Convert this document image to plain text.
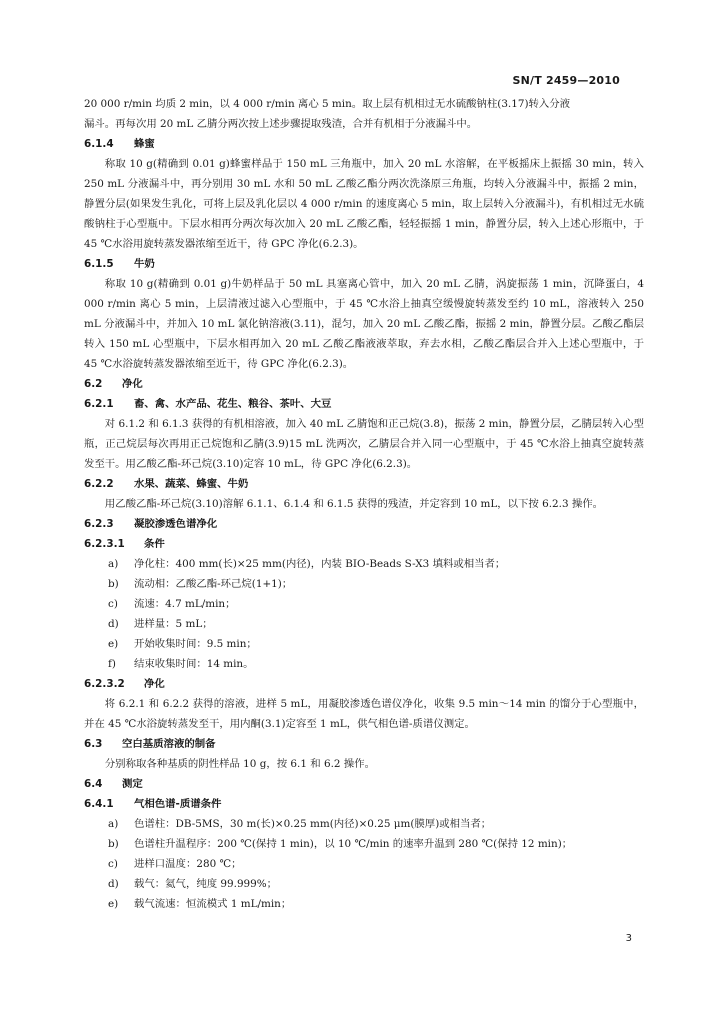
SN/T 2459—2010
20 000 r/min 均质 2 min，以 4 000 r/min 离心 5 min。取上层有机相过无水硫酸钠柱(3.17)转入分液
漏斗。再每次用 20 mL 乙腈分两次按上述步骤提取残渣，合并有机相于分液漏斗中。
6.1.4 蜂蜜

称取 10 g(精确到 0.01 g)蜂蜜样品于 150 mL 三角瓶中，加入 20 mL 水溶解，在平板摇床上振摇 30 min，转入 250 mL 分液漏斗中，再分别用 30 mL 水和 50 mL 乙酸乙酯分两次洗涤原三角瓶，均转入分液漏斗中，振摇 2 min，静置分层(如果发生乳化，可将上层及乳化层以 4 000 r/min 的速度离心 5 min，取上层转入分液漏斗)，有机相过无水硫酸钠柱于心型瓶中。下层水相再分两次每次加入 20 mL 乙酸乙酯，轻轻振摇 1 min，静置分层，转入上述心形瓶中，于 45 ℃水浴用旋转蒸发器浓缩至近干，待 GPC 净化(6.2.3)。

6.1.5 牛奶

称取 10 g(精确到 0.01 g)牛奶样品于 50 mL 具塞离心管中，加入 20 mL 乙腈，涡旋振荡 1 min，沉降蛋白，4 000 r/min 离心 5 min，上层清液过滤入心型瓶中，于 45 ℃水浴上抽真空缓慢旋转蒸发至约 10 mL，溶液转入 250 mL 分液漏斗中，并加入 10 mL 氯化钠溶液(3.11)，混匀，加入 20 mL 乙酸乙酯，振摇 2 min，静置分层。乙酸乙酯层转入 150 mL 心型瓶中，下层水相再加入 20 mL 乙酸乙酯液液萃取，弃去水相，乙酸乙酯层合并入上述心型瓶中，于 45 ℃水浴旋转蒸发器浓缩至近干，待 GPC 净化(6.2.3)。

6.2 净化
6.2.1 畜、禽、水产品、花生、粮谷、茶叶、大豆

对 6.1.2 和 6.1.3 获得的有机相溶液，加入 40 mL 乙腈饱和正己烷(3.8)，振荡 2 min，静置分层，乙腈层转入心型瓶，正己烷层每次再用正己烷饱和乙腈(3.9)15 mL 洗两次，乙腈层合并入同一心型瓶中，于 45 ℃水浴上抽真空旋转蒸发至干。用乙酸乙酯-环己烷(3.10)定容 10 mL，待 GPC 净化(6.2.3)。

6.2.2 水果、蔬菜、蜂蜜、牛奶

用乙酸乙酯-环己烷(3.10)溶解 6.1.1、6.1.4 和 6.1.5 获得的残渣，并定容到 10 mL，以下按 6.2.3 操作。

6.2.3 凝胶渗透色谱净化
6.2.3.1 条件
a) 净化柱：400 mm(长)×25 mm(内径)，内装 BIO-Beads S-X3 填料或相当者；
b) 流动相：乙酸乙酯-环己烷(1+1)；
c) 流速：4.7 mL/min；
d) 进样量：5 mL；
e) 开始收集时间：9.5 min；
f) 结束收集时间：14 min。
6.2.3.2 净化

将 6.2.1 和 6.2.2 获得的溶液，进样 5 mL，用凝胶渗透色谱仪净化，收集 9.5 min～14 min 的馏分于心型瓶中，并在 45 ℃水浴旋转蒸发至干，用内酮(3.1)定容至 1 mL，供气相色谱-质谱仪测定。

6.3 空白基质溶液的制备

分别称取各种基质的阴性样品 10 g，按 6.1 和 6.2 操作。

6.4 测定
6.4.1 气相色谱-质谱条件
a) 色谱柱：DB-5MS，30 m(长)×0.25 mm(内径)×0.25 μm(膜厚)或相当者；
b) 色谱柱升温程序：200 ℃(保持 1 min)，以 10 ℃/min 的速率升温到 280 ℃(保持 12 min)；
c) 进样口温度：280 ℃；
d) 载气：氦气，纯度 99.999%；
e) 载气流速：恒流模式 1 mL/min；
3
